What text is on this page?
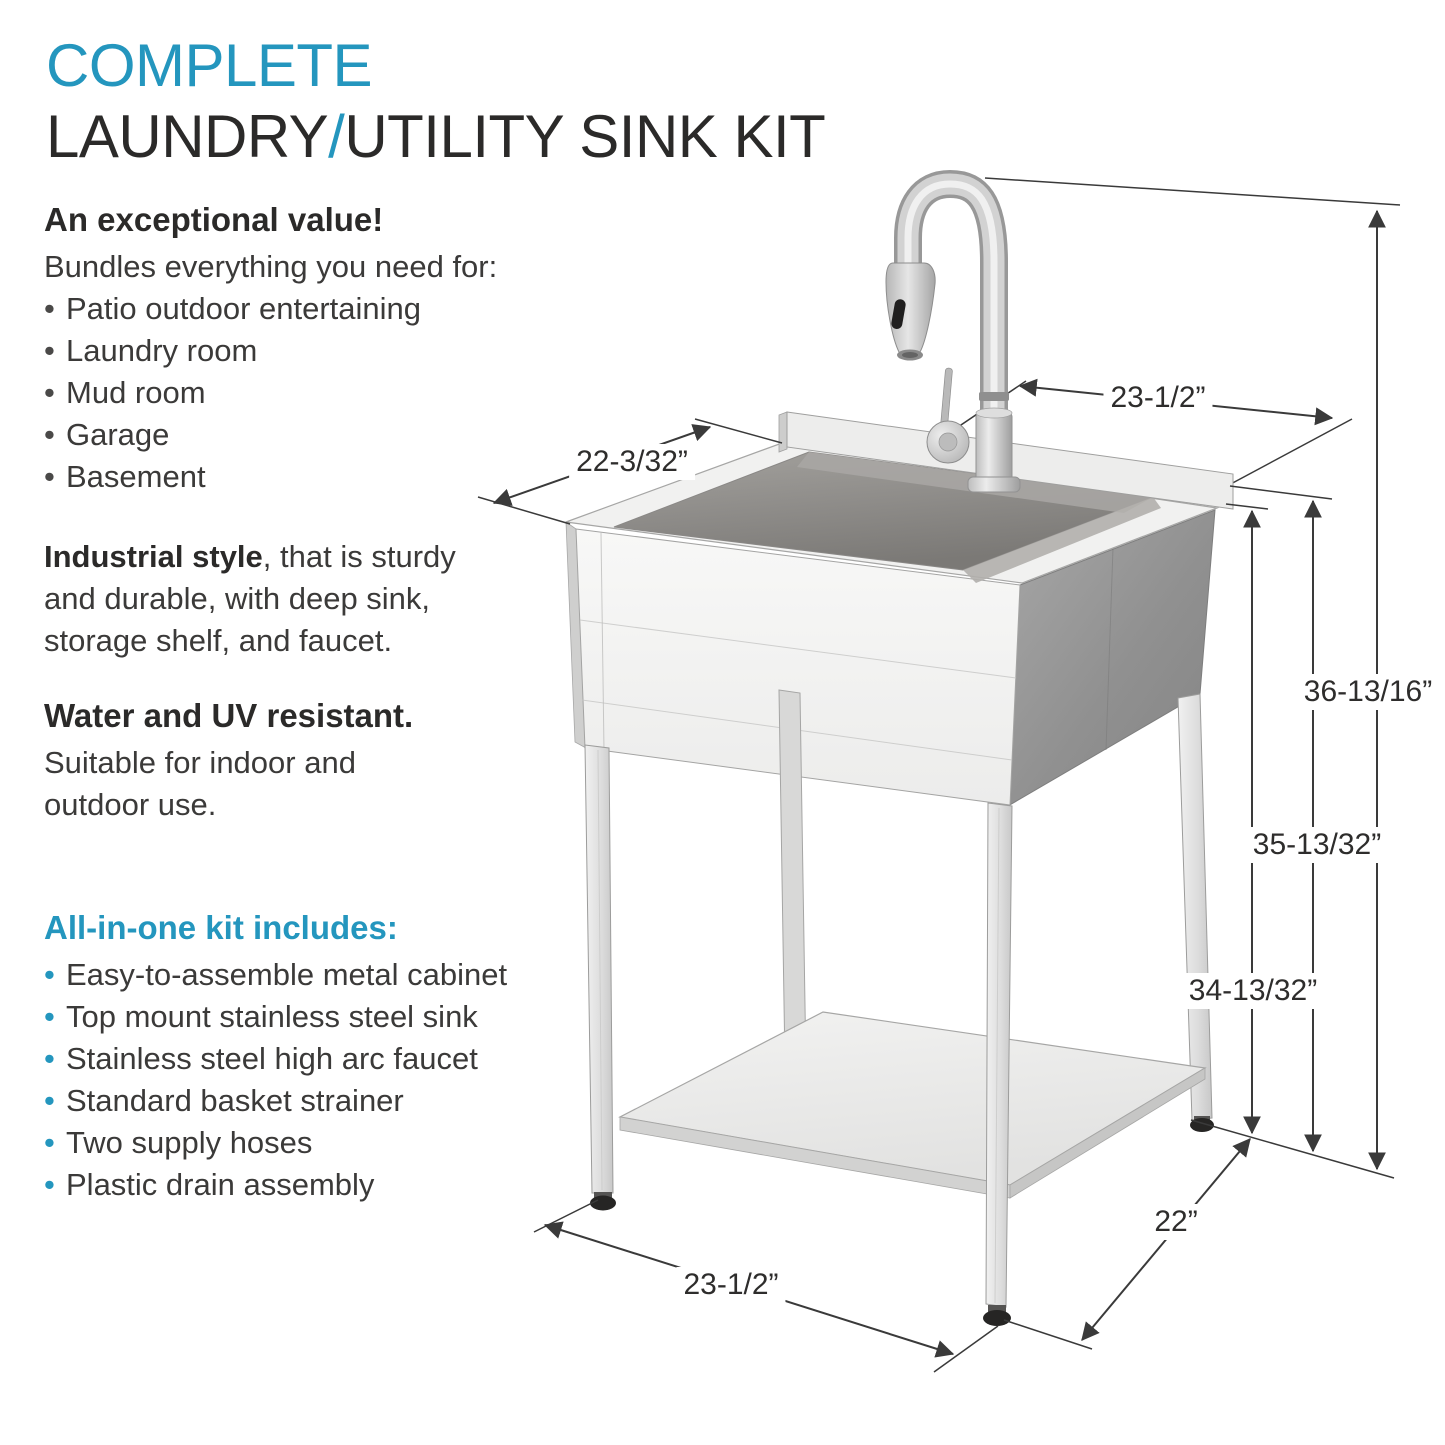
COMPLETE
LAUNDRY/UTILITY SINK KIT
An exceptional value!

Bundles everything you need for:

• Patio outdoor entertaining
• Laundry room
• Mud room
• Garage
• Basement

Industrial style, that is sturdy

and durable, with deep sink,

storage shelf, and faucet.

Water and UV resistant.

Suitable for indoor and

outdoor use.

All-in-one kit includes:
• Easy-to-assemble metal cabinet
• Top mount stainless steel sink
• Stainless steel high arc faucet
• Standard basket strainer
• Two supply hoses
• Plastic drain assembly
23-1/2”
22-3/32”
36-13/16”
35-13/32”
34-13/32”
23-1/2”
22”
